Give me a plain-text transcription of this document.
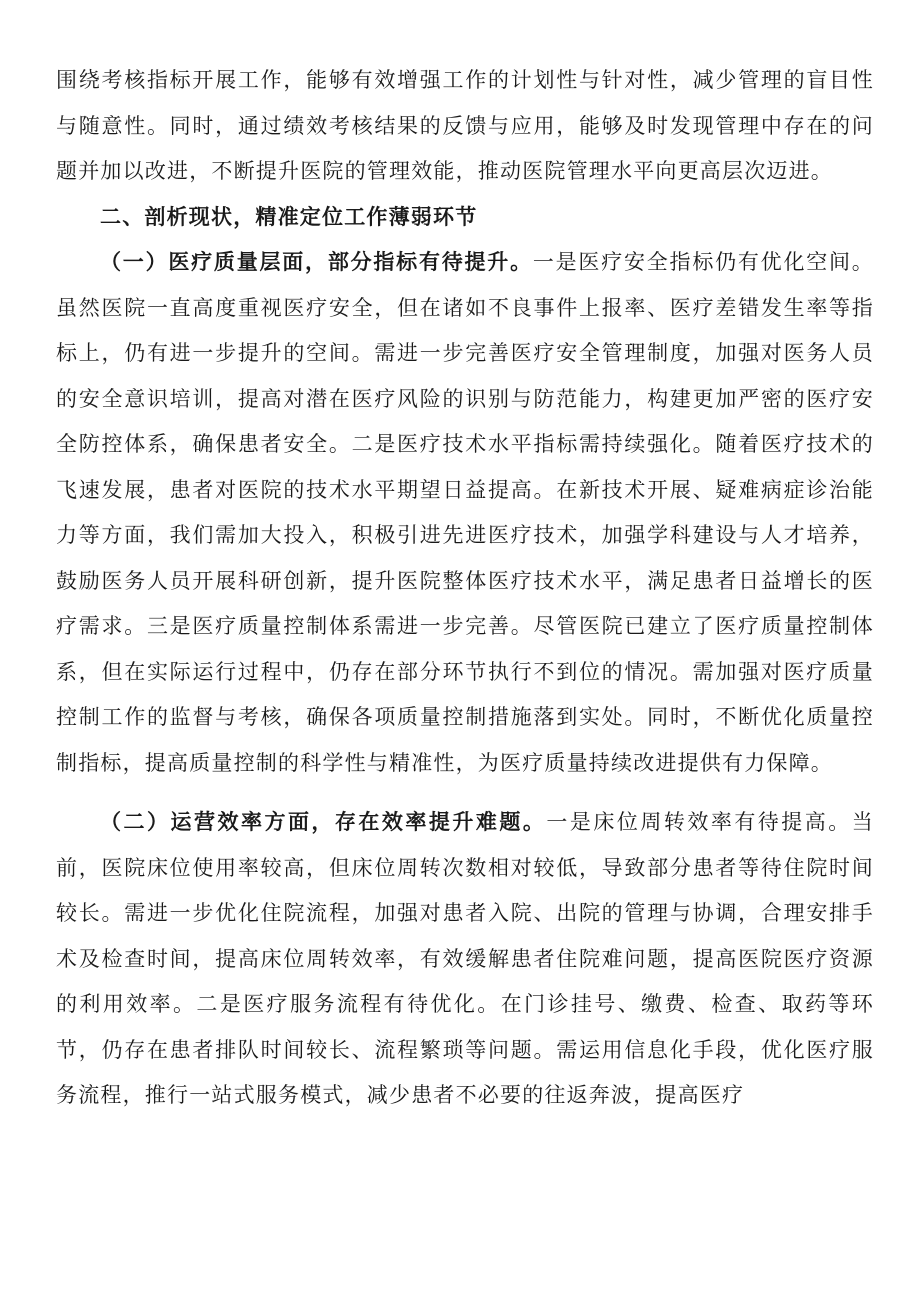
围绕考核指标开展工作，能够有效增强工作的计划性与针对性，减少管理的盲目性与随意性。同时，通过绩效考核结果的反馈与应用，能够及时发现管理中存在的问题并加以改进，不断提升医院的管理效能，推动医院管理水平向更高层次迈进。

二、剖析现状，精准定位工作薄弱环节

（一）医疗质量层面，部分指标有待提升。一是医疗安全指标仍有优化空间。虽然医院一直高度重视医疗安全，但在诸如不良事件上报率、医疗差错发生率等指标上，仍有进一步提升的空间。需进一步完善医疗安全管理制度，加强对医务人员的安全意识培训，提高对潜在医疗风险的识别与防范能力，构建更加严密的医疗安全防控体系，确保患者安全。二是医疗技术水平指标需持续强化。随着医疗技术的飞速发展，患者对医院的技术水平期望日益提高。在新技术开展、疑难病症诊治能力等方面，我们需加大投入，积极引进先进医疗技术，加强学科建设与人才培养，鼓励医务人员开展科研创新，提升医院整体医疗技术水平，满足患者日益增长的医疗需求。三是医疗质量控制体系需进一步完善。尽管医院已建立了医疗质量控制体系，但在实际运行过程中，仍存在部分环节执行不到位的情况。需加强对医疗质量控制工作的监督与考核，确保各项质量控制措施落到实处。同时，不断优化质量控制指标，提高质量控制的科学性与精准性，为医疗质量持续改进提供有力保障。

（二）运营效率方面，存在效率提升难题。一是床位周转效率有待提高。当前，医院床位使用率较高，但床位周转次数相对较低，导致部分患者等待住院时间较长。需进一步优化住院流程，加强对患者入院、出院的管理与协调，合理安排手术及检查时间，提高床位周转效率，有效缓解患者住院难问题，提高医院医疗资源的利用效率。二是医疗服务流程有待优化。在门诊挂号、缴费、检查、取药等环节，仍存在患者排队时间较长、流程繁琐等问题。需运用信息化手段，优化医疗服务流程，推行一站式服务模式，减少患者不必要的往返奔波，提高医疗
